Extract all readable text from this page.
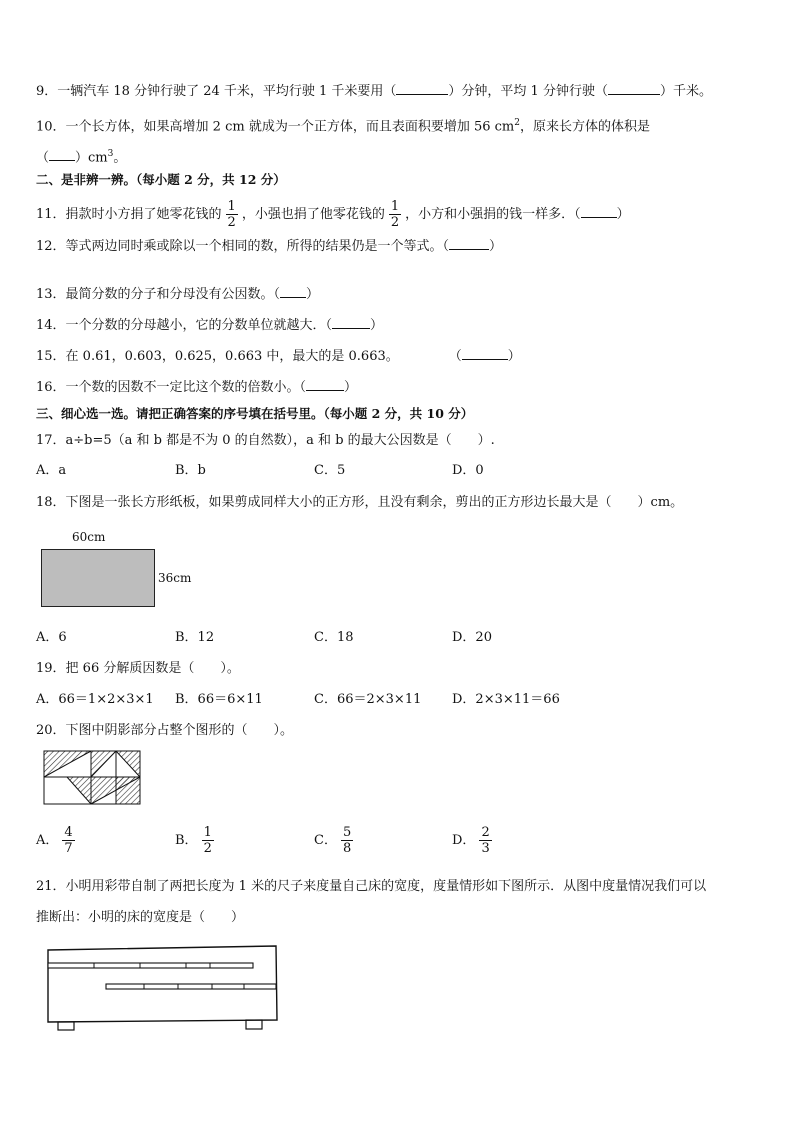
9．一辆汽车 18 分钟行驶了 24 千米，平均行驶 1 千米要用（	）分钟，平均 1 分钟行驶（	）千米。
10．一个长方体，如果高增加 2 cm 就成为一个正方体，而且表面积要增加 56 $cm^2$，原来长方体的体积是
（ ）$cm^3$。
二、是非辨一辨。（每小题 2 分，共 12 分）
11．捐款时小方捐了她零花钱的 $\frac{1}{2}$ ，小强也捐了他零花钱的 $\frac{1}{2}$ ，小方和小强捐的钱一样多．（	）
12．等式两边同时乘或除以一个相同的数，所得的结果仍是一个等式。（	）
13．最简分数的分子和分母没有公因数。（ ）
14．一个分数的分母越小，它的分数单位就越大．（	）
15．在 0.61，0.603，0.625，0.663 中，最大的是 0.663。	（	）
16．一个数的因数不一定比这个数的倍数小。（	）
三、细心选一选。请把正确答案的序号填在括号里。（每小题 2 分，共 10 分）
17．a÷b=5（a 和 b 都是不为 0 的自然数），a 和 b 的最大公因数是（　　）.
A．a	B．b	C．5	D．0
18．下图是一张长方形纸板，如果剪成同样大小的正方形，且没有剩余，剪出的正方形边长最大是（　　）cm。
60cm
36cm
A．6	B．12	C．18	D．20
19．把 66 分解质因数是（　　）。
A．66＝1×2×3×1 B．66＝6×11	C．66＝2×3×11 D．2×3×11＝66
20．下图中阴影部分占整个图形的（　　）。
A． $\frac{4}{7}$	B． $\frac{1}{2}$	C． $\frac{5}{8}$	D． $\frac{2}{3}$
21．小明用彩带自制了两把长度为 1 米的尺子来度量自己床的宽度，度量情形如下图所示．从图中度量情况我们可以
推断出：小明的床的宽度是（　　）
